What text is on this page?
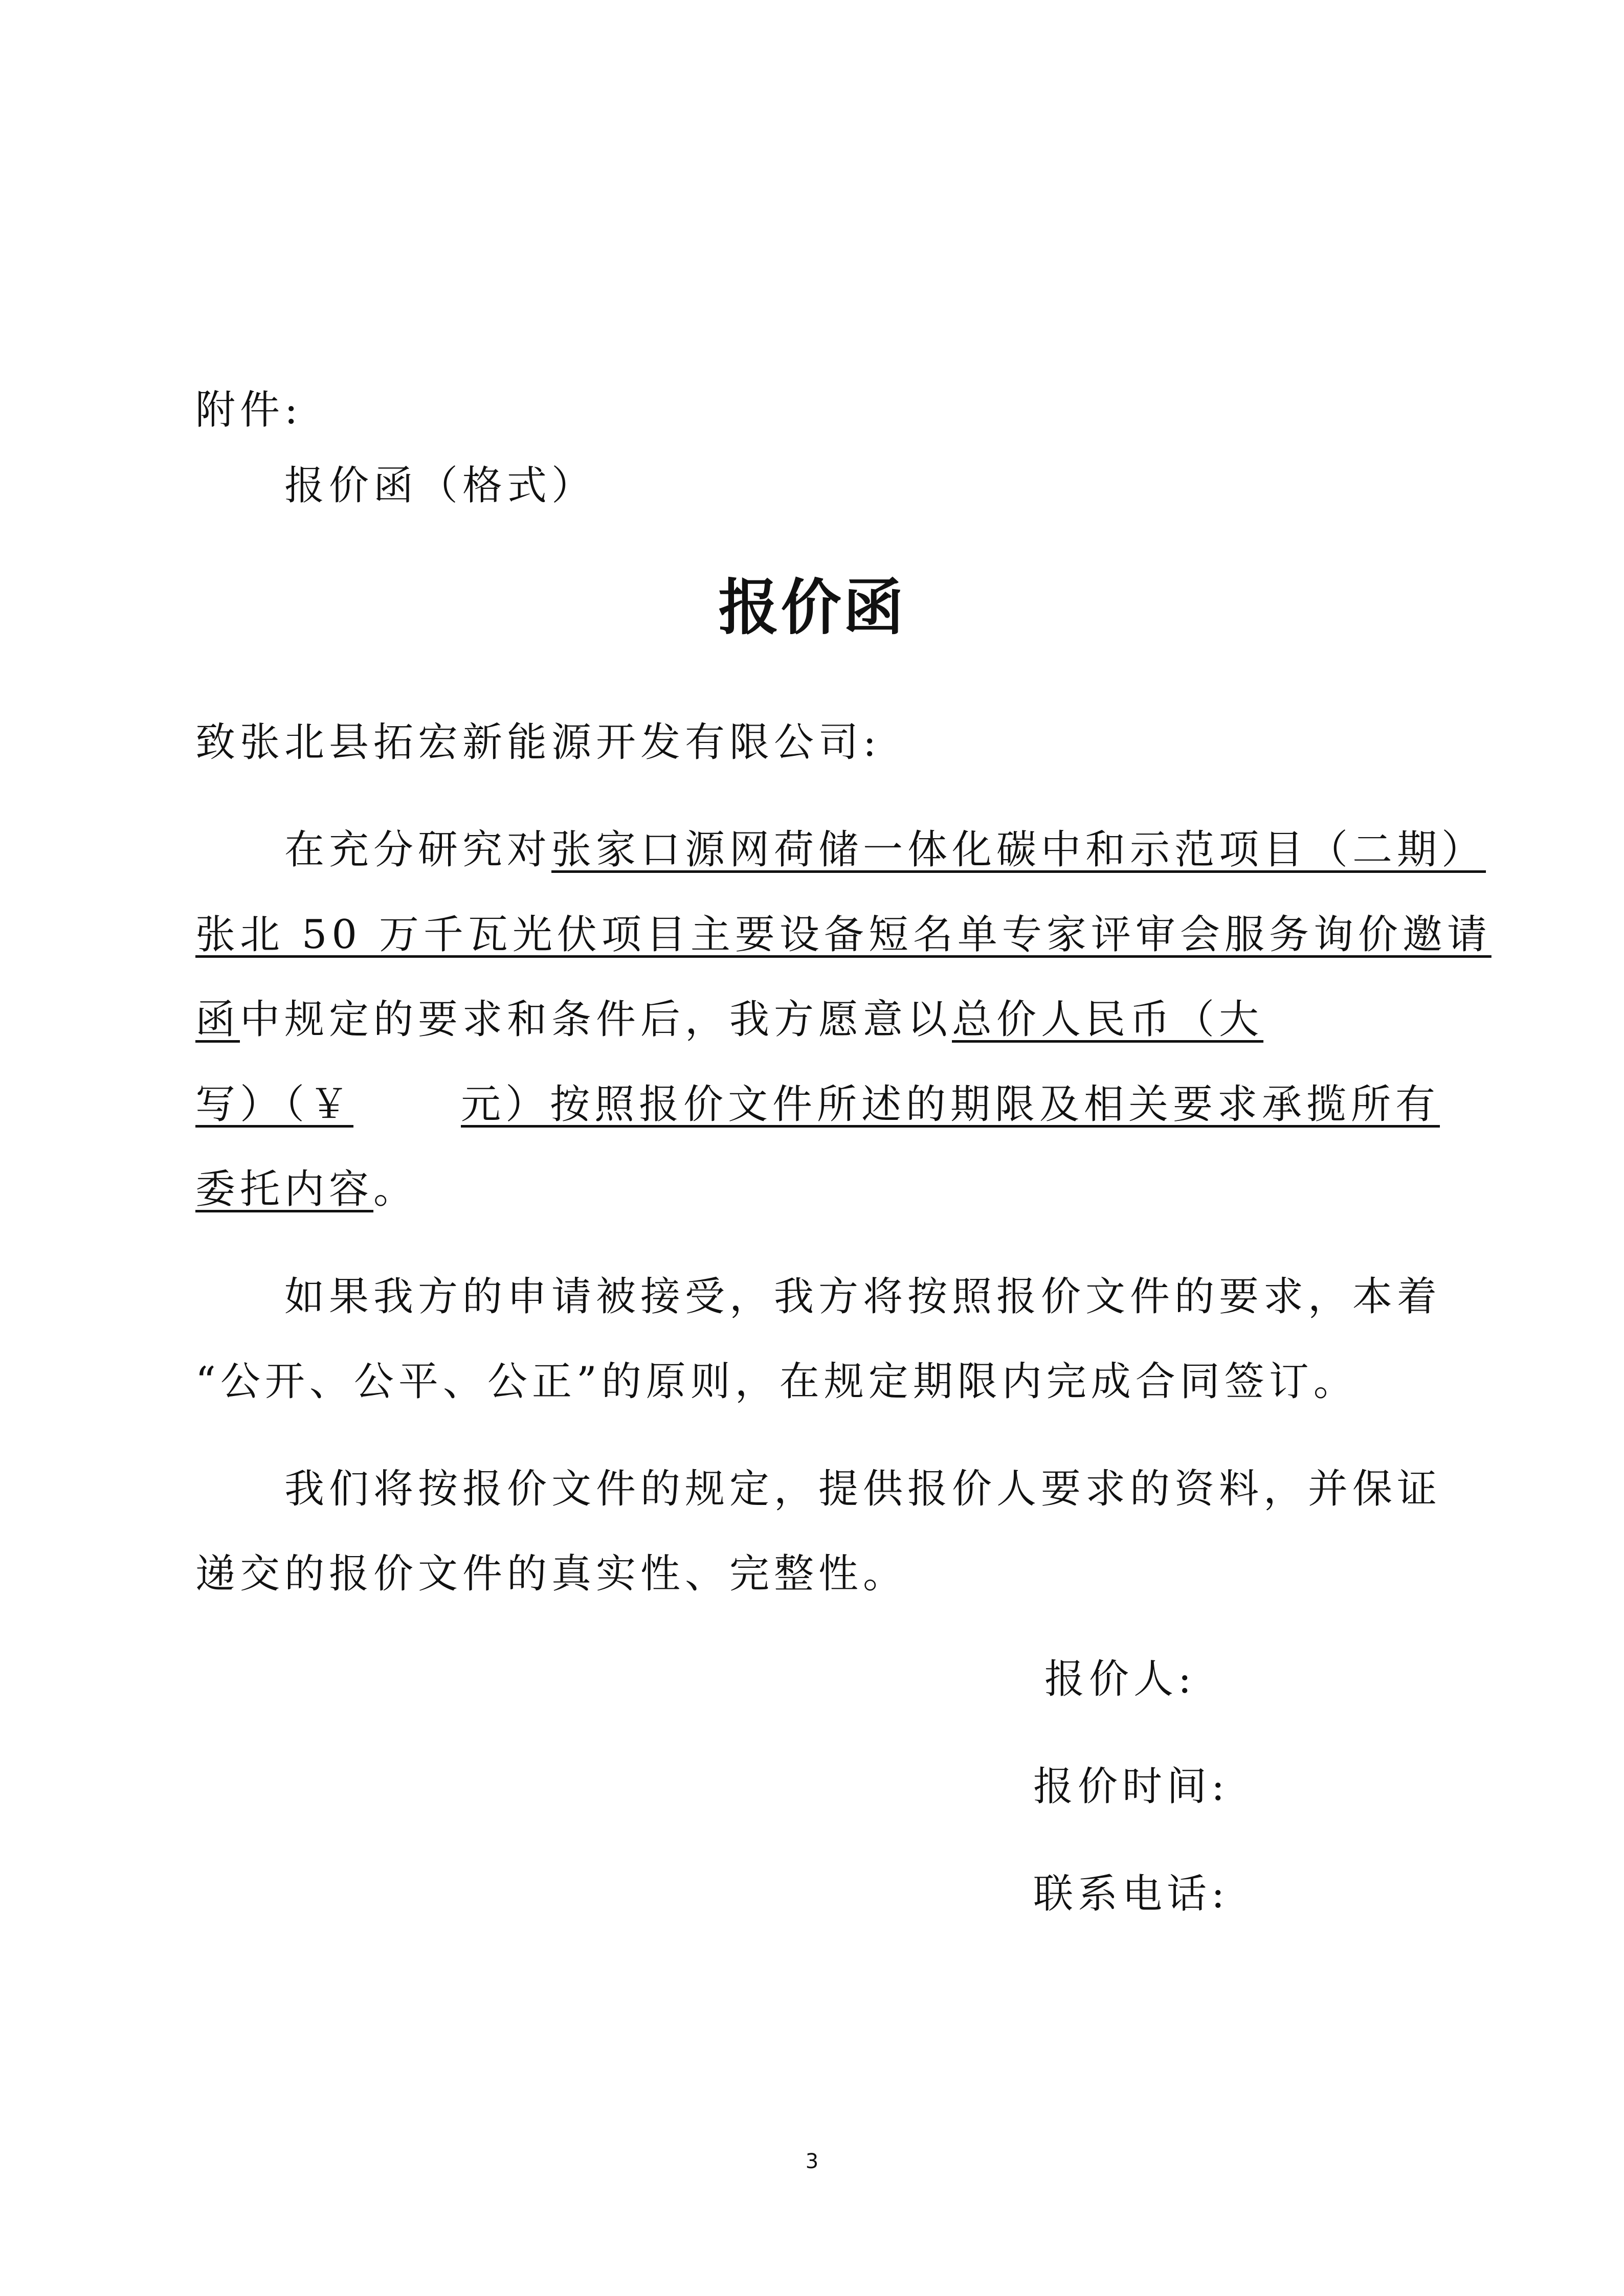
附件:
报价函（格式）
报价函
致张北县拓宏新能源开发有限公司:
在充分研究对张家口源网荷储一体化碳中和示范项目（二期）
张北 50 万千瓦光伏项目主要设备短名单专家评审会服务询价邀请
函中规定的要求和条件后，我方愿意以总价人民币（大
写）（￥	元）按照报价文件所述的期限及相关要求承揽所有
委托内容。
如果我方的申请被接受，我方将按照报价文件的要求，本着
“公开、公平、公正”的原则，在规定期限内完成合同签订。
我们将按报价文件的规定，提供报价人要求的资料，并保证
递交的报价文件的真实性、完整性。
报价人:
报价时间:
联系电话:
3
